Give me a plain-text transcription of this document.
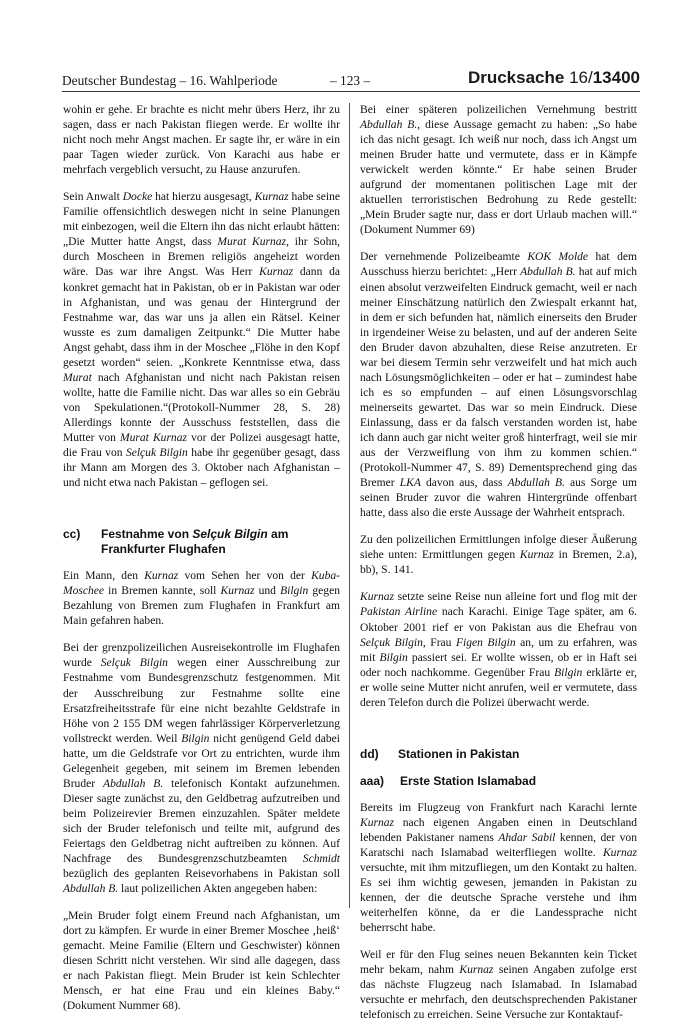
Deutscher Bundestag – 16. Wahlperiode	– 123 –	Drucksache 16/13400

wohin er gehe. Er brachte es nicht mehr übers Herz, ihr zu sagen, dass er nach Pakistan fliegen werde. Er wollte ihr nicht noch mehr Angst machen. Er sagte ihr, er wäre in ein paar Tagen wieder zurück. Von Karachi aus habe er mehrfach vergeblich versucht, zu Hause anzurufen.

Sein Anwalt Docke hat hierzu ausgesagt, Kurnaz habe seine Familie offensichtlich deswegen nicht in seine Planungen mit einbezogen, weil die Eltern ihn das nicht erlaubt hätten: „Die Mutter hatte Angst, dass Murat Kurnaz, ihr Sohn, durch Moscheen in Bremen religiös angeheizt worden wäre. Das war ihre Angst. Was Herr Kurnaz dann da konkret gemacht hat in Pakistan, ob er in Pakistan war oder in Afghanistan, und was genau der Hintergrund der Festnahme war, das war uns ja allen ein Rätsel. Keiner wusste es zum damaligen Zeitpunkt.“ Die Mutter habe Angst gehabt, dass ihm in der Moschee „Flöhe in den Kopf gesetzt worden“ seien. „Konkrete Kenntnisse etwa, dass Murat nach Afghanistan und nicht nach Pakistan reisen wollte, hatte die Familie nicht. Das war alles so ein Gebräu von Spekulationen.“(Protokoll-Nummer 28, S. 28) Allerdings konnte der Ausschuss feststellen, dass die Mutter von Murat Kurnaz vor der Polizei ausgesagt hatte, die Frau von Selçuk Bilgin habe ihr gegenüber gesagt, dass ihr Mann am Morgen des 3. Oktober nach Afghanistan – und nicht etwa nach Pakistan – geflogen sei.

cc)	Festnahme von Selçuk Bilgin am Frankfurter Flughafen

Ein Mann, den Kurnaz vom Sehen her von der Kuba-Moschee in Bremen kannte, soll Kurnaz und Bilgin gegen Bezahlung von Bremen zum Flughafen in Frankfurt am Main gefahren haben.

Bei der grenzpolizeilichen Ausreisekontrolle im Flughafen wurde Selçuk Bilgin wegen einer Ausschreibung zur Festnahme vom Bundesgrenzschutz festgenommen. Mit der Ausschreibung zur Festnahme sollte eine Ersatzfreiheitsstrafe für eine nicht bezahlte Geldstrafe in Höhe von 2 155 DM wegen fahrlässiger Körperverletzung vollstreckt werden. Weil Bilgin nicht genügend Geld dabei hatte, um die Geldstrafe vor Ort zu entrichten, wurde ihm Gelegenheit gegeben, mit seinem im Bremen lebenden Bruder Abdullah B. telefonisch Kontakt aufzunehmen. Dieser sagte zunächst zu, den Geldbetrag aufzutreiben und beim Polizeirevier Bremen einzuzahlen. Später meldete sich der Bruder telefonisch und teilte mit, aufgrund des Feiertags den Geldbetrag nicht auftreiben zu können. Auf Nachfrage des Bundesgrenzschutzbeamten Schmidt bezüglich des geplanten Reisevorhabens in Pakistan soll Abdullah B. laut polizeilichen Akten angegeben haben:

„Mein Bruder folgt einem Freund nach Afghanistan, um dort zu kämpfen. Er wurde in einer Bremer Moschee ‚heiß‘ gemacht. Meine Familie (Eltern und Geschwister) können diesen Schritt nicht verstehen. Wir sind alle dagegen, dass er nach Pakistan fliegt. Mein Bruder ist kein Schlechter Mensch, er hat eine Frau und ein kleines Baby.“ (Dokument Nummer 68).

Bei einer späteren polizeilichen Vernehmung bestritt Abdullah B., diese Aussage gemacht zu haben: „So habe ich das nicht gesagt. Ich weiß nur noch, dass ich Angst um meinen Bruder hatte und vermutete, dass er in Kämpfe verwickelt werden könnte.“ Er habe seinen Bruder aufgrund der momentanen politischen Lage mit der aktuellen terroristischen Bedrohung zu Rede gestellt: „Mein Bruder sagte nur, dass er dort Urlaub machen will.“ (Dokument Nummer 69)

Der vernehmende Polizeibeamte KOK Molde hat dem Ausschuss hierzu berichtet: „Herr Abdullah B. hat auf mich einen absolut verzweifelten Eindruck gemacht, weil er nach meiner Einschätzung natürlich den Zwiespalt erkannt hat, in dem er sich befunden hat, nämlich einerseits den Bruder in irgendeiner Weise zu belasten, und auf der anderen Seite den Bruder davon abzuhalten, diese Reise anzutreten. Er war bei diesem Termin sehr verzweifelt und hat mich auch nach Lösungsmöglichkeiten – oder er hat – zumindest habe ich es so empfunden – auf einen Lösungsvorschlag meinerseits gewartet. Das war so mein Eindruck. Diese Einlassung, dass er da falsch verstanden worden ist, habe ich dann auch gar nicht weiter groß hinterfragt, weil sie mir aus der Verzweiflung von ihm zu kommen schien.“ (Protokoll-Nummer 47, S. 89) Dementsprechend ging das Bremer LKA davon aus, dass Abdullah B. aus Sorge um seinen Bruder zuvor die wahren Hintergründe offenbart hatte, dass also die erste Aussage der Wahrheit entsprach.

Zu den polizeilichen Ermittlungen infolge dieser Äußerung siehe unten: Ermittlungen gegen Kurnaz in Bremen, 2.a), bb), S. 141.

Kurnaz setzte seine Reise nun alleine fort und flog mit der Pakistan Airline nach Karachi. Einige Tage später, am 6. Oktober 2001 rief er von Pakistan aus die Ehefrau von Selçuk Bilgin, Frau Figen Bilgin an, um zu erfahren, was mit Bilgin passiert sei. Er wollte wissen, ob er in Haft sei oder noch nachkomme. Gegenüber Frau Bilgin erklärte er, er wolle seine Mutter nicht anrufen, weil er vermutete, dass deren Telefon durch die Polizei überwacht werde.

dd)	Stationen in Pakistan
aaa)	Erste Station Islamabad

Bereits im Flugzeug von Frankfurt nach Karachi lernte Kurnaz nach eigenen Angaben einen in Deutschland lebenden Pakistaner namens Ahdar Sabil kennen, der von Karatschi nach Islamabad weiterfliegen wollte. Kurnaz versuchte, mit ihm mitzufliegen, um den Kontakt zu halten. Es sei ihm wichtig gewesen, jemanden in Pakistan zu kennen, der die deutsche Sprache verstehe und ihm weiterhelfen könne, da er die Landessprache nicht beherrscht habe.

Weil er für den Flug seines neuen Bekannten kein Ticket mehr bekam, nahm Kurnaz seinen Angaben zufolge erst das nächste Flugzeug nach Islamabad. In Islamabad versuchte er mehrfach, den deutschsprechenden Pakistaner telefonisch zu erreichen. Seine Versuche zur Kontaktauf-
